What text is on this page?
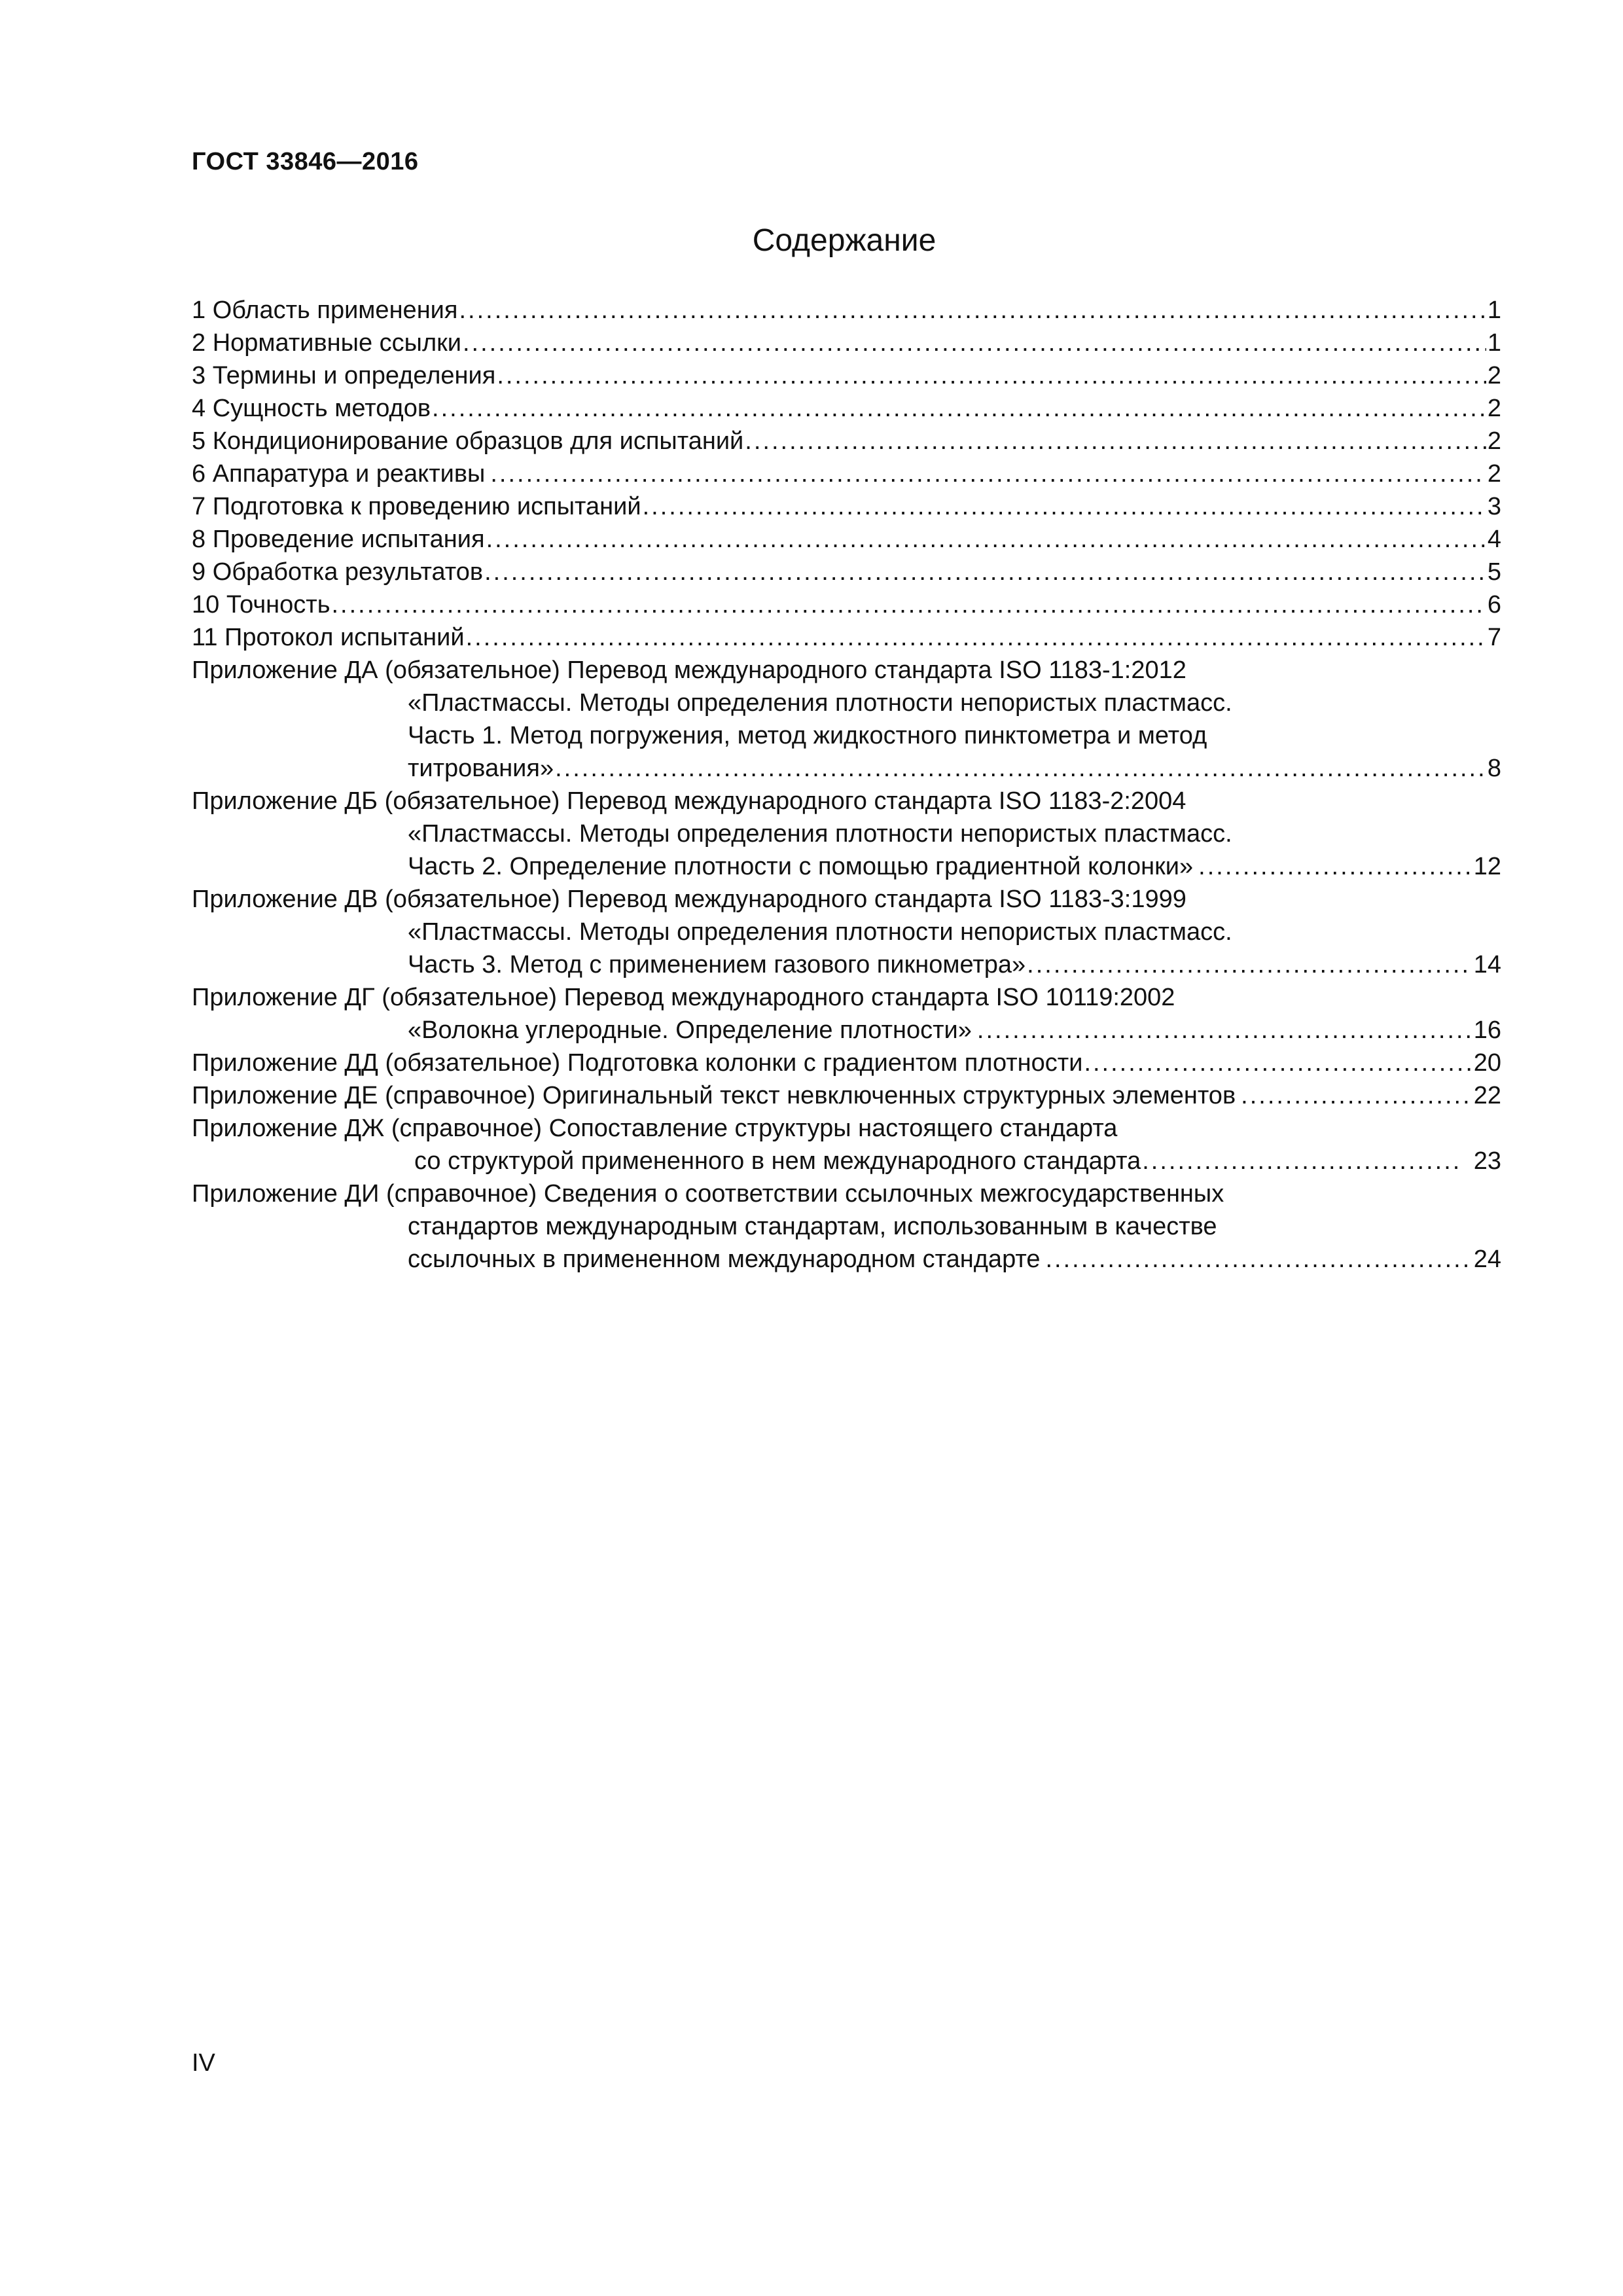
ГОСТ 33846—2016
Содержание
1 Область применения .....	1
2 Нормативные ссылки .....	1
3 Термины и определения .....	2
4 Сущность методов .....	2
5 Кондиционирование образцов для испытаний .....	2
6 Аппаратура и реактивы .....	2
7 Подготовка к проведению испытаний .....	3
8 Проведение испытания .....	4
9 Обработка результатов .....	5
10 Точность .....	6
11 Протокол испытаний .....	7
Приложение ДА (обязательное) Перевод международного стандарта ISO 1183-1:2012
«Пластмассы. Методы определения плотности непористых пластмасс.
Часть 1. Метод погружения, метод жидкостного пинктометра и метод
титрования» .....	8
Приложение ДБ (обязательное) Перевод международного стандарта ISO 1183-2:2004
«Пластмассы. Методы определения плотности непористых пластмасс.
Часть 2. Определение плотности с помощью градиентной колонки» .....	12
Приложение ДВ (обязательное) Перевод международного стандарта ISO 1183-3:1999
«Пластмассы. Методы определения плотности непористых пластмасс.
Часть 3. Метод с применением газового пикнометра» .....	14
Приложение ДГ (обязательное) Перевод международного стандарта ISO 10119:2002
«Волокна углеродные. Определение плотности» .....	16
Приложение ДД (обязательное) Подготовка колонки с градиентом плотности .....	20
Приложение ДЕ (справочное) Оригинальный текст невключенных структурных элементов .....	22
Приложение ДЖ (справочное) Сопоставление структуры настоящего стандарта
со структурой примененного в нем международного стандарта .....	23
Приложение ДИ (справочное) Сведения о соответствии ссылочных межгосударственных
стандартов международным стандартам, использованным в качестве
ссылочных в примененном международном стандарте .....	24
IV
